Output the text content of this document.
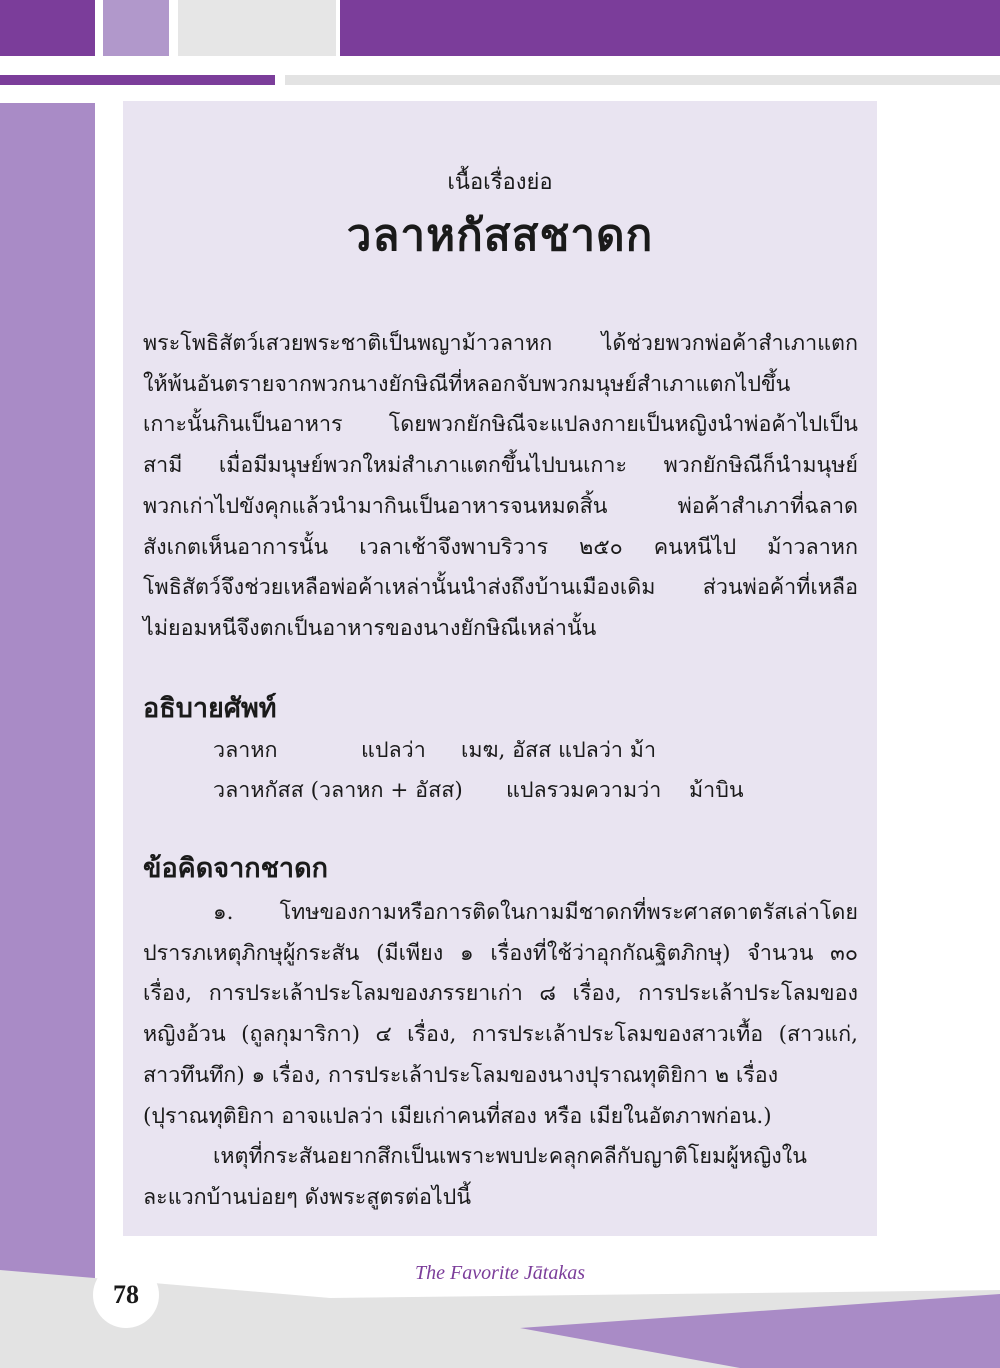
เนื้อเรื่องย่อ
วลาหกัสสชาดก
พระโพธิสัตว์เสวยพระชาติเป็นพญาม้าวลาหก ได้ช่วยพวกพ่อค้าสำเภาแตก
ให้พ้นอันตรายจากพวกนางยักษิณีที่หลอกจับพวกมนุษย์สำเภาแตกไปขึ้น
เกาะนั้นกินเป็นอาหาร โดยพวกยักษิณีจะแปลงกายเป็นหญิงนำพ่อค้าไปเป็น
สามี เมื่อมีมนุษย์พวกใหม่สำเภาแตกขึ้นไปบนเกาะ พวกยักษิณีก็นำมนุษย์
พวกเก่าไปขังคุกแล้วนำมากินเป็นอาหารจนหมดสิ้น พ่อค้าสำเภาที่ฉลาด
สังเกตเห็นอาการนั้น เวลาเช้าจึงพาบริวาร ๒๕๐ คนหนีไป ม้าวลาหก
โพธิสัตว์จึงช่วยเหลือพ่อค้าเหล่านั้นนำส่งถึงบ้านเมืองเดิม ส่วนพ่อค้าที่เหลือ
ไม่ยอมหนีจึงตกเป็นอาหารของนางยักษิณีเหล่านั้น
อธิบายศัพท์
วลาหก	แปลว่า เมฆ, อัสส แปลว่า ม้า
วลาหกัสส (วลาหก + อัสส) แปลรวมความว่า ม้าบิน
ข้อคิดจากชาดก
๑. โทษของกามหรือการติดในกามมีชาดกที่พระศาสดาตรัสเล่าโดย
ปรารภเหตุภิกษุผู้กระสัน (มีเพียง ๑ เรื่องที่ใช้ว่าอุกกัณฐิตภิกษุ) จำนวน ๓๐
เรื่อง, การประเล้าประโลมของภรรยาเก่า ๘ เรื่อง, การประเล้าประโลมของ
หญิงอ้วน (ถูลกุมาริกา) ๔ เรื่อง, การประเล้าประโลมของสาวเทื้อ (สาวแก่,
สาวทึนทึก) ๑ เรื่อง, การประเล้าประโลมของนางปุราณทุติยิกา ๒ เรื่อง
(ปุราณทุติยิกา อาจแปลว่า เมียเก่าคนที่สอง หรือ เมียในอัตภาพก่อน.)
เหตุที่กระสันอยากสึกเป็นเพราะพบปะคลุกคลีกับญาติโยมผู้หญิงใน
ละแวกบ้านบ่อยๆ ดังพระสูตรต่อไปนี้
78
The Favorite Jātakas
